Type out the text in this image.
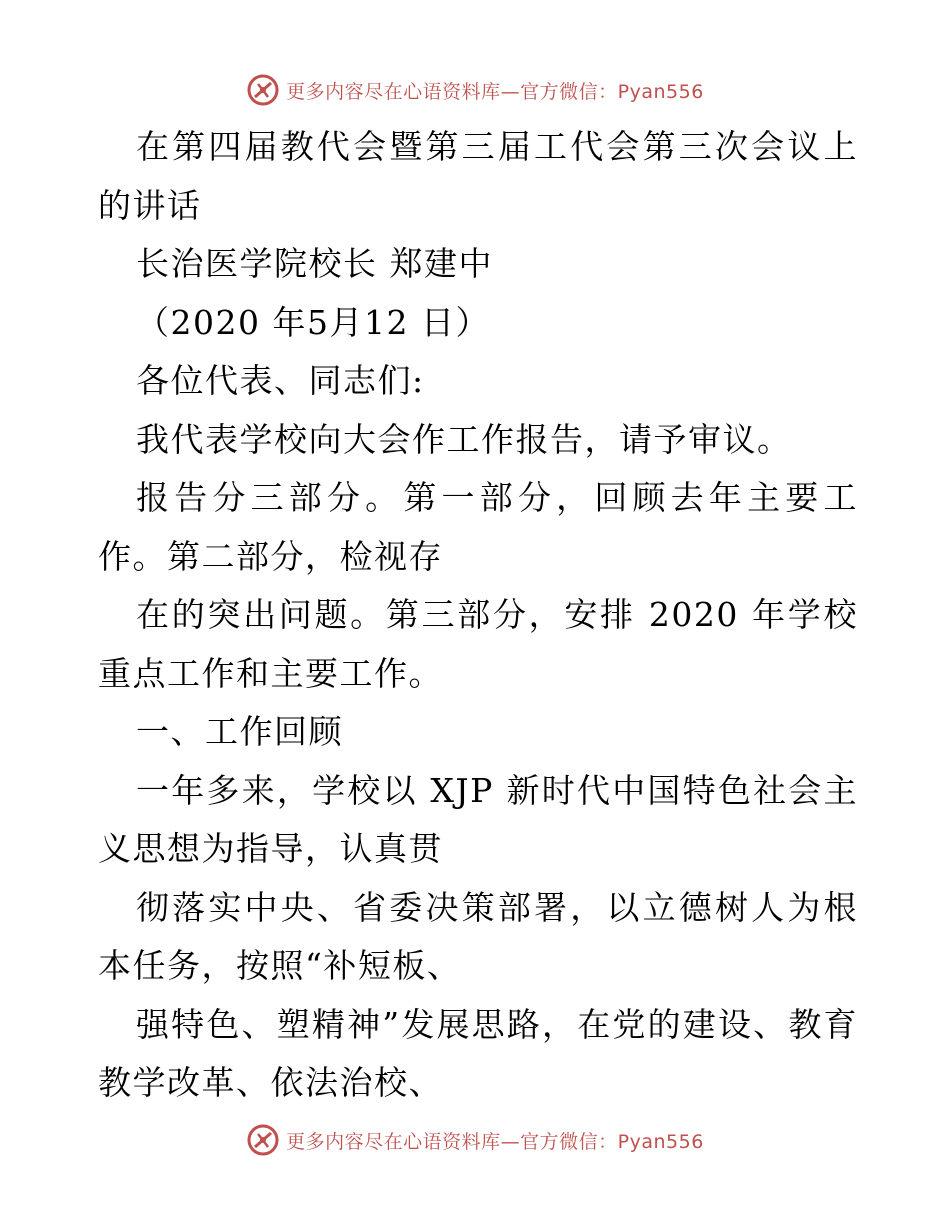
更多内容尽在心语资料库—官方微信：Pyan556

在第四届教代会暨第三届工代会第三次会议上的讲话

长治医学院校长 郑建中

（2020 年5月12 日）

各位代表、同志们:

我代表学校向大会作工作报告，请予审议。

报告分三部分。第一部分，回顾去年主要工作。第二部分，检视存

在的突出问题。第三部分，安排 2020 年学校重点工作和主要工作。

一、工作回顾

一年多来，学校以 XJP 新时代中国特色社会主义思想为指导，认真贯

彻落实中央、省委决策部署，以立德树人为根本任务，按照“补短板、

强特色、塑精神”发展思路，在党的建设、教育教学改革、依法治校、

更多内容尽在心语资料库—官方微信：Pyan556
